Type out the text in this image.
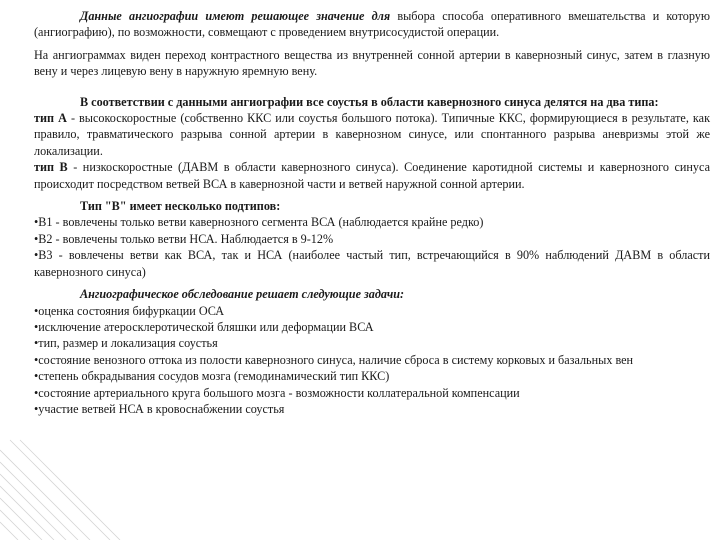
Данные ангиографии имеют решающее значение для выбора способа оперативного вмешательства и которую (ангиографию), по возможности, совмещают с проведением внутрисосудистой операции.

На ангиограммах виден переход контрастного вещества из внутренней сонной артерии в кавернозный синус, затем в глазную вену и через лицевую вену в наружную яремную вену.

В соответствии с данными ангиографии все соустья в области кавернозного синуса делятся на два типа:

тип А - высокоскоростные (собственно ККС или соустья большого потока). Типичные ККС, формирующиеся в результате, как правило, травматического разрыва сонной артерии в кавернозном синусе, или спонтанного разрыва аневризмы этой же локализации.

тип В - низкоскоростные (ДАВМ в области кавернозного синуса). Соединение каротидной системы и кавернозного синуса происходит посредством ветвей ВСА в кавернозной части и ветвей наружной сонной артерии.

Тип "В" имеет несколько подтипов:

•В1 - вовлечены только ветви кавернозного сегмента ВСА (наблюдается крайне редко)

•В2 - вовлечены только ветви НСА. Наблюдается в 9-12%

•В3 - вовлечены ветви как ВСА, так и НСА (наиболее частый тип, встречающийся в 90% наблюдений ДАВМ в области кавернозного синуса)

Ангиографическое обследование решает следующие задачи:

•оценка состояния бифуркации ОСА

•исключение атеросклеротической бляшки или деформации ВСА

•тип, размер и локализация соустья

•состояние венозного оттока из полости кавернозного синуса, наличие сброса в систему корковых и базальных вен

•степень обкрадывания сосудов мозга (гемодинамический тип ККС)

•состояние артериального круга большого мозга - возможности коллатеральной компенсации

•участие ветвей НСА в кровоснабжении соустья
